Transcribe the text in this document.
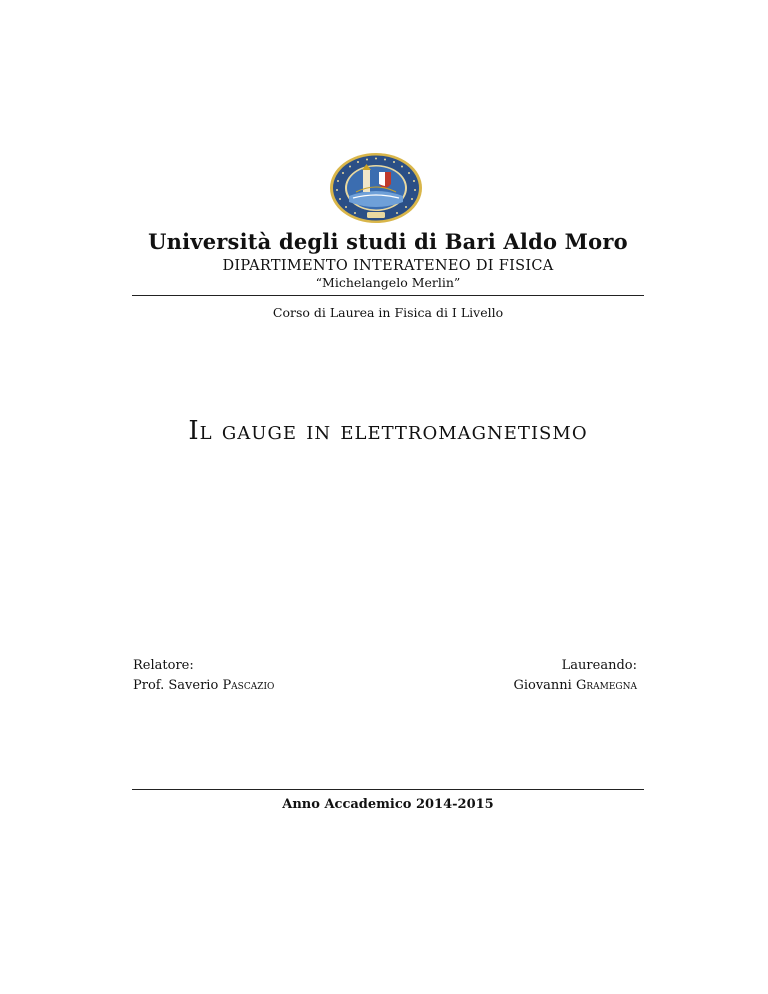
Università degli studi di Bari Aldo Moro
DIPARTIMENTO INTERATENEO DI FISICA
“Michelangelo Merlin”
Corso di Laurea in Fisica di I Livello
Il gauge in elettromagnetismo
Relatore:
Prof. Saverio Pascazio
Laureando:
Giovanni Gramegna
Anno Accademico 2014-2015
